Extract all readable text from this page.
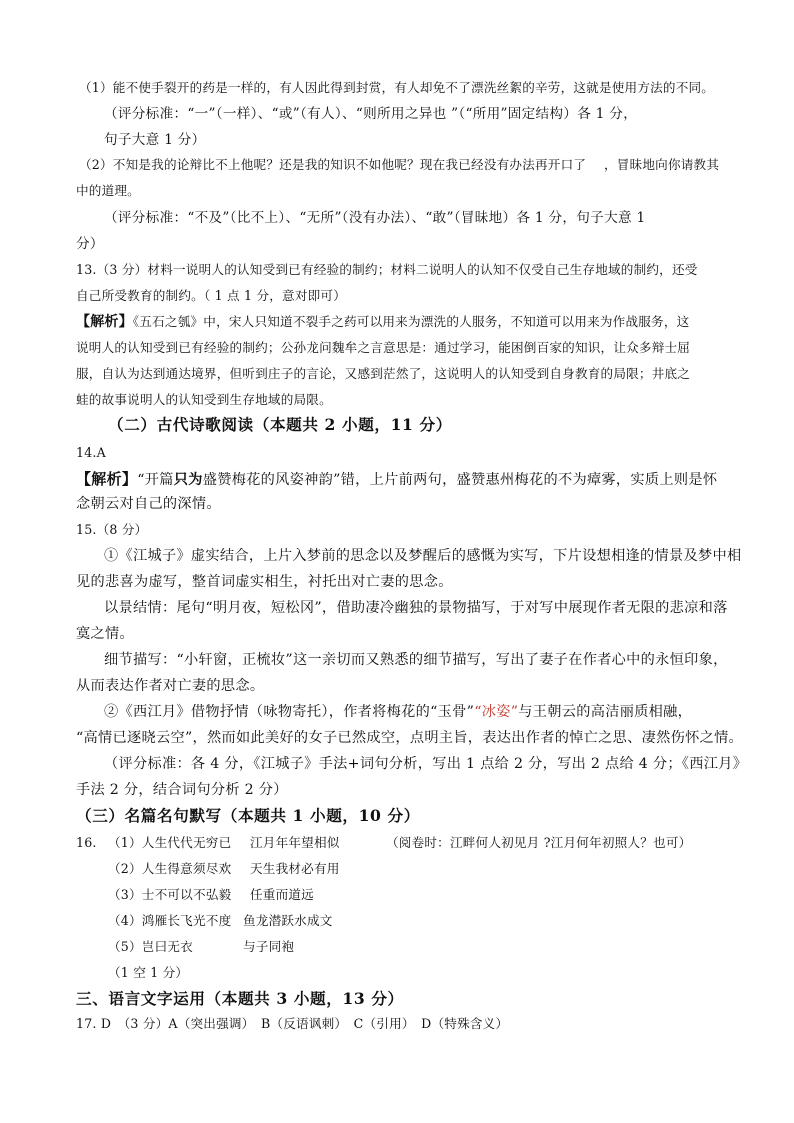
（1）能不使手裂开的药是一样的，有人因此得到封赏，有人却免不了漂洗丝絮的辛劳，这就是使用方法的不同。
（评分标准：“一”（一样）、“或”（有人）、“则所用之异也 ”（“所用”固定结构）各 1 分，
句子大意 1 分）
（2）不知是我的论辩比不上他呢？还是我的知识不如他呢？现在我已经没有办法再开口了 ，冒昧地向你请教其
中的道理。
（评分标准：“不及”（比不上）、“无所”（没有办法）、“敢”（冒昧地）各 1 分，句子大意 1
分）
13.（3 分）材料一说明人的认知受到已有经验的制约；材料二说明人的认知不仅受自己生存地域的制约，还受
自己所受教育的制约。（ 1 点 1 分，意对即可）
【解析】《五石之瓠》中，宋人只知道不裂手之药可以用来为漂洗的人服务，不知道可以用来为作战服务，这
说明人的认知受到已有经验的制约；公孙龙问魏牟之言意思是：通过学习，能困倒百家的知识，让众多辩士屈
服，自认为达到通达境界，但听到庄子的言论，又感到茫然了，这说明人的认知受到自身教育的局限；井底之
蛙的故事说明人的认知受到生存地域的局限。
（二）古代诗歌阅读（本题共 2 小题，11 分）
14.A
【解析】“开篇只为盛赞梅花的风姿神韵”错，上片前两句，盛赞惠州梅花的不为瘴雾，实质上则是怀
念朝云对自己的深情。
15.（8 分）
①《江城子》虚实结合，上片入梦前的思念以及梦醒后的感慨为实写，下片设想相逢的情景及梦中相
见的悲喜为虚写，整首词虚实相生，衬托出对亡妻的思念。
以景结情：尾句“明月夜，短松冈”，借助凄冷幽独的景物描写，于对写中展现作者无限的悲凉和落
寞之情。
细节描写：“小轩窗，正梳妆”这一亲切而又熟悉的细节描写，写出了妻子在作者心中的永恒印象，
从而表达作者对亡妻的思念。
②《西江月》借物抒情（咏物寄托），作者将梅花的“玉骨”“冰姿”与王朝云的高洁丽质相融，
“高情已逐晓云空”，然而如此美好的女子已然成空，点明主旨，表达出作者的悼亡之思、凄然伤怀之情。
（评分标准：各 4 分，《江城子》手法+词句分析，写出 1 点给 2 分，写出 2 点给 4 分；《西江月》
手法 2 分，结合词句分析 2 分）
（三）名篇名句默写（本题共 1 小题，10 分）
16. （1）人生代代无穷已 江月年年望相似	（阅卷时：江畔何人初见月 ?江月何年初照人？也可）
（2）人生得意须尽欢 天生我材必有用
（3）士不可以不弘毅 任重而道远
（4）鸿雁长飞光不度 鱼龙潜跃水成文
（5）岂曰无衣	与子同袍
（1 空 1 分）
三、语言文字运用（本题共 3 小题，13 分）
17. D　（3 分）A（突出强调）　B（反语讽刺）　C（引用）　D（特殊含义）
